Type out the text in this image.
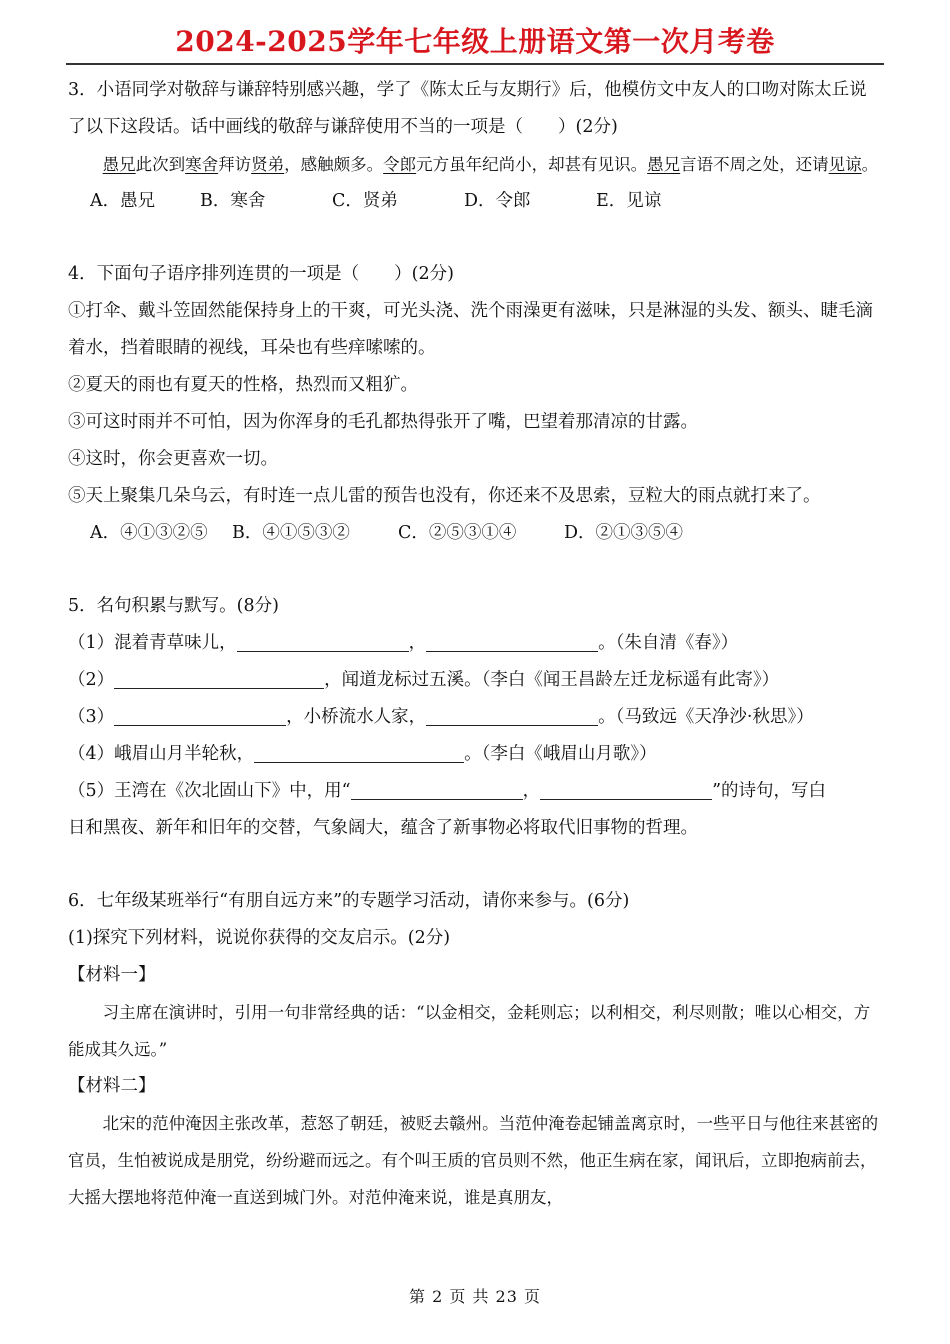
2024-2025学年七年级上册语文第一次月考卷

3．小语同学对敬辞与谦辞特别感兴趣，学了《陈太丘与友期行》后，他模仿文中友人的口吻对陈太丘说了以下这段话。话中画线的敬辞与谦辞使用不当的一项是（　　）(2分)

愚兄此次到寒舍拜访贤弟，感触颇多。令郎元方虽年纪尚小，却甚有见识。愚兄言语不周之处，还请见谅。

A．愚兄	B．寒舍	C．贤弟	D．令郎	E．见谅

4．下面句子语序排列连贯的一项是（　　）(2分)

①打伞、戴斗笠固然能保持身上的干爽，可光头浇、洗个雨澡更有滋味，只是淋湿的头发、额头、睫毛滴着水，挡着眼睛的视线，耳朵也有些痒嗦嗦的。

②夏天的雨也有夏天的性格，热烈而又粗犷。

③可这时雨并不可怕，因为你浑身的毛孔都热得张开了嘴，巴望着那清凉的甘露。

④这时，你会更喜欢一切。

⑤天上聚集几朵乌云，有时连一点儿雷的预告也没有，你还来不及思索，豆粒大的雨点就打来了。

A．④①③②⑤ B．④①⑤③②	C．②⑤③①④	D．②①③⑤④

5．名句积累与默写。(8分)

（1）混着青草味儿，	，	。（朱自清《春》）

（2）	，闻道龙标过五溪。（李白《闻王昌龄左迁龙标遥有此寄》）

（3）	，小桥流水人家，	。（马致远《天净沙·秋思》）

（4）峨眉山月半轮秋，	。（李白《峨眉山月歌》）

（5）王湾在《次北固山下》中，用“	，	”的诗句，写白

日和黑夜、新年和旧年的交替，气象阔大，蕴含了新事物必将取代旧事物的哲理。

6．七年级某班举行“有朋自远方来”的专题学习活动，请你来参与。(6分)

(1)探究下列材料，说说你获得的交友启示。(2分)

【材料一】

习主席在演讲时，引用一句非常经典的话：“以金相交，金耗则忘；以利相交，利尽则散；唯以心相交，方能成其久远。”

【材料二】

北宋的范仲淹因主张改革，惹怒了朝廷，被贬去赣州。当范仲淹卷起铺盖离京时，一些平日与他往来甚密的官员，生怕被说成是朋党，纷纷避而远之。有个叫王质的官员则不然，他正生病在家，闻讯后，立即抱病前去，大摇大摆地将范仲淹一直送到城门外。对范仲淹来说，谁是真朋友，

第 2 页 共 23 页
